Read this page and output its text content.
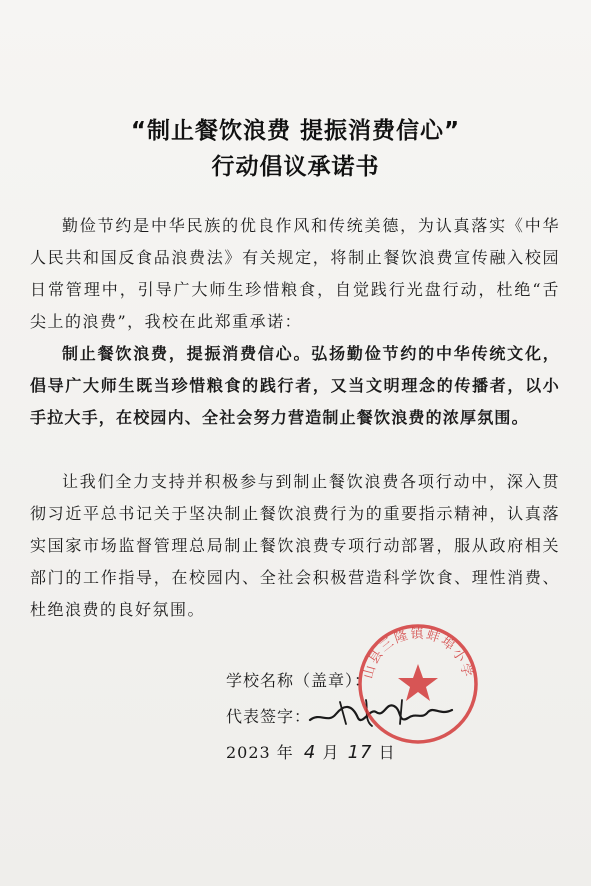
“制止餐饮浪费 提振消费信心”
行动倡议承诺书
勤俭节约是中华民族的优良作风和传统美德，为认真落实《中华人民共和国反食品浪费法》有关规定，将制止餐饮浪费宣传融入校园日常管理中，引导广大师生珍惜粮食，自觉践行光盘行动，杜绝“舌尖上的浪费”，我校在此郑重承诺：
制止餐饮浪费，提振消费信心。弘扬勤俭节约的中华传统文化，倡导广大师生既当珍惜粮食的践行者，又当文明理念的传播者，以小手拉大手，在校园内、全社会努力营造制止餐饮浪费的浓厚氛围。
让我们全力支持并积极参与到制止餐饮浪费各项行动中，深入贯彻习近平总书记关于坚决制止餐饮浪费行为的重要指示精神，认真落实国家市场监督管理总局制止餐饮浪费专项行动部署，服从政府相关部门的工作指导，在校园内、全社会积极营造科学饮食、理性消费、杜绝浪费的良好氛围。
学校名称（盖章）：
代表签字：
2023 年 4 月 17 日
山县三隆镇蚌埠小学
